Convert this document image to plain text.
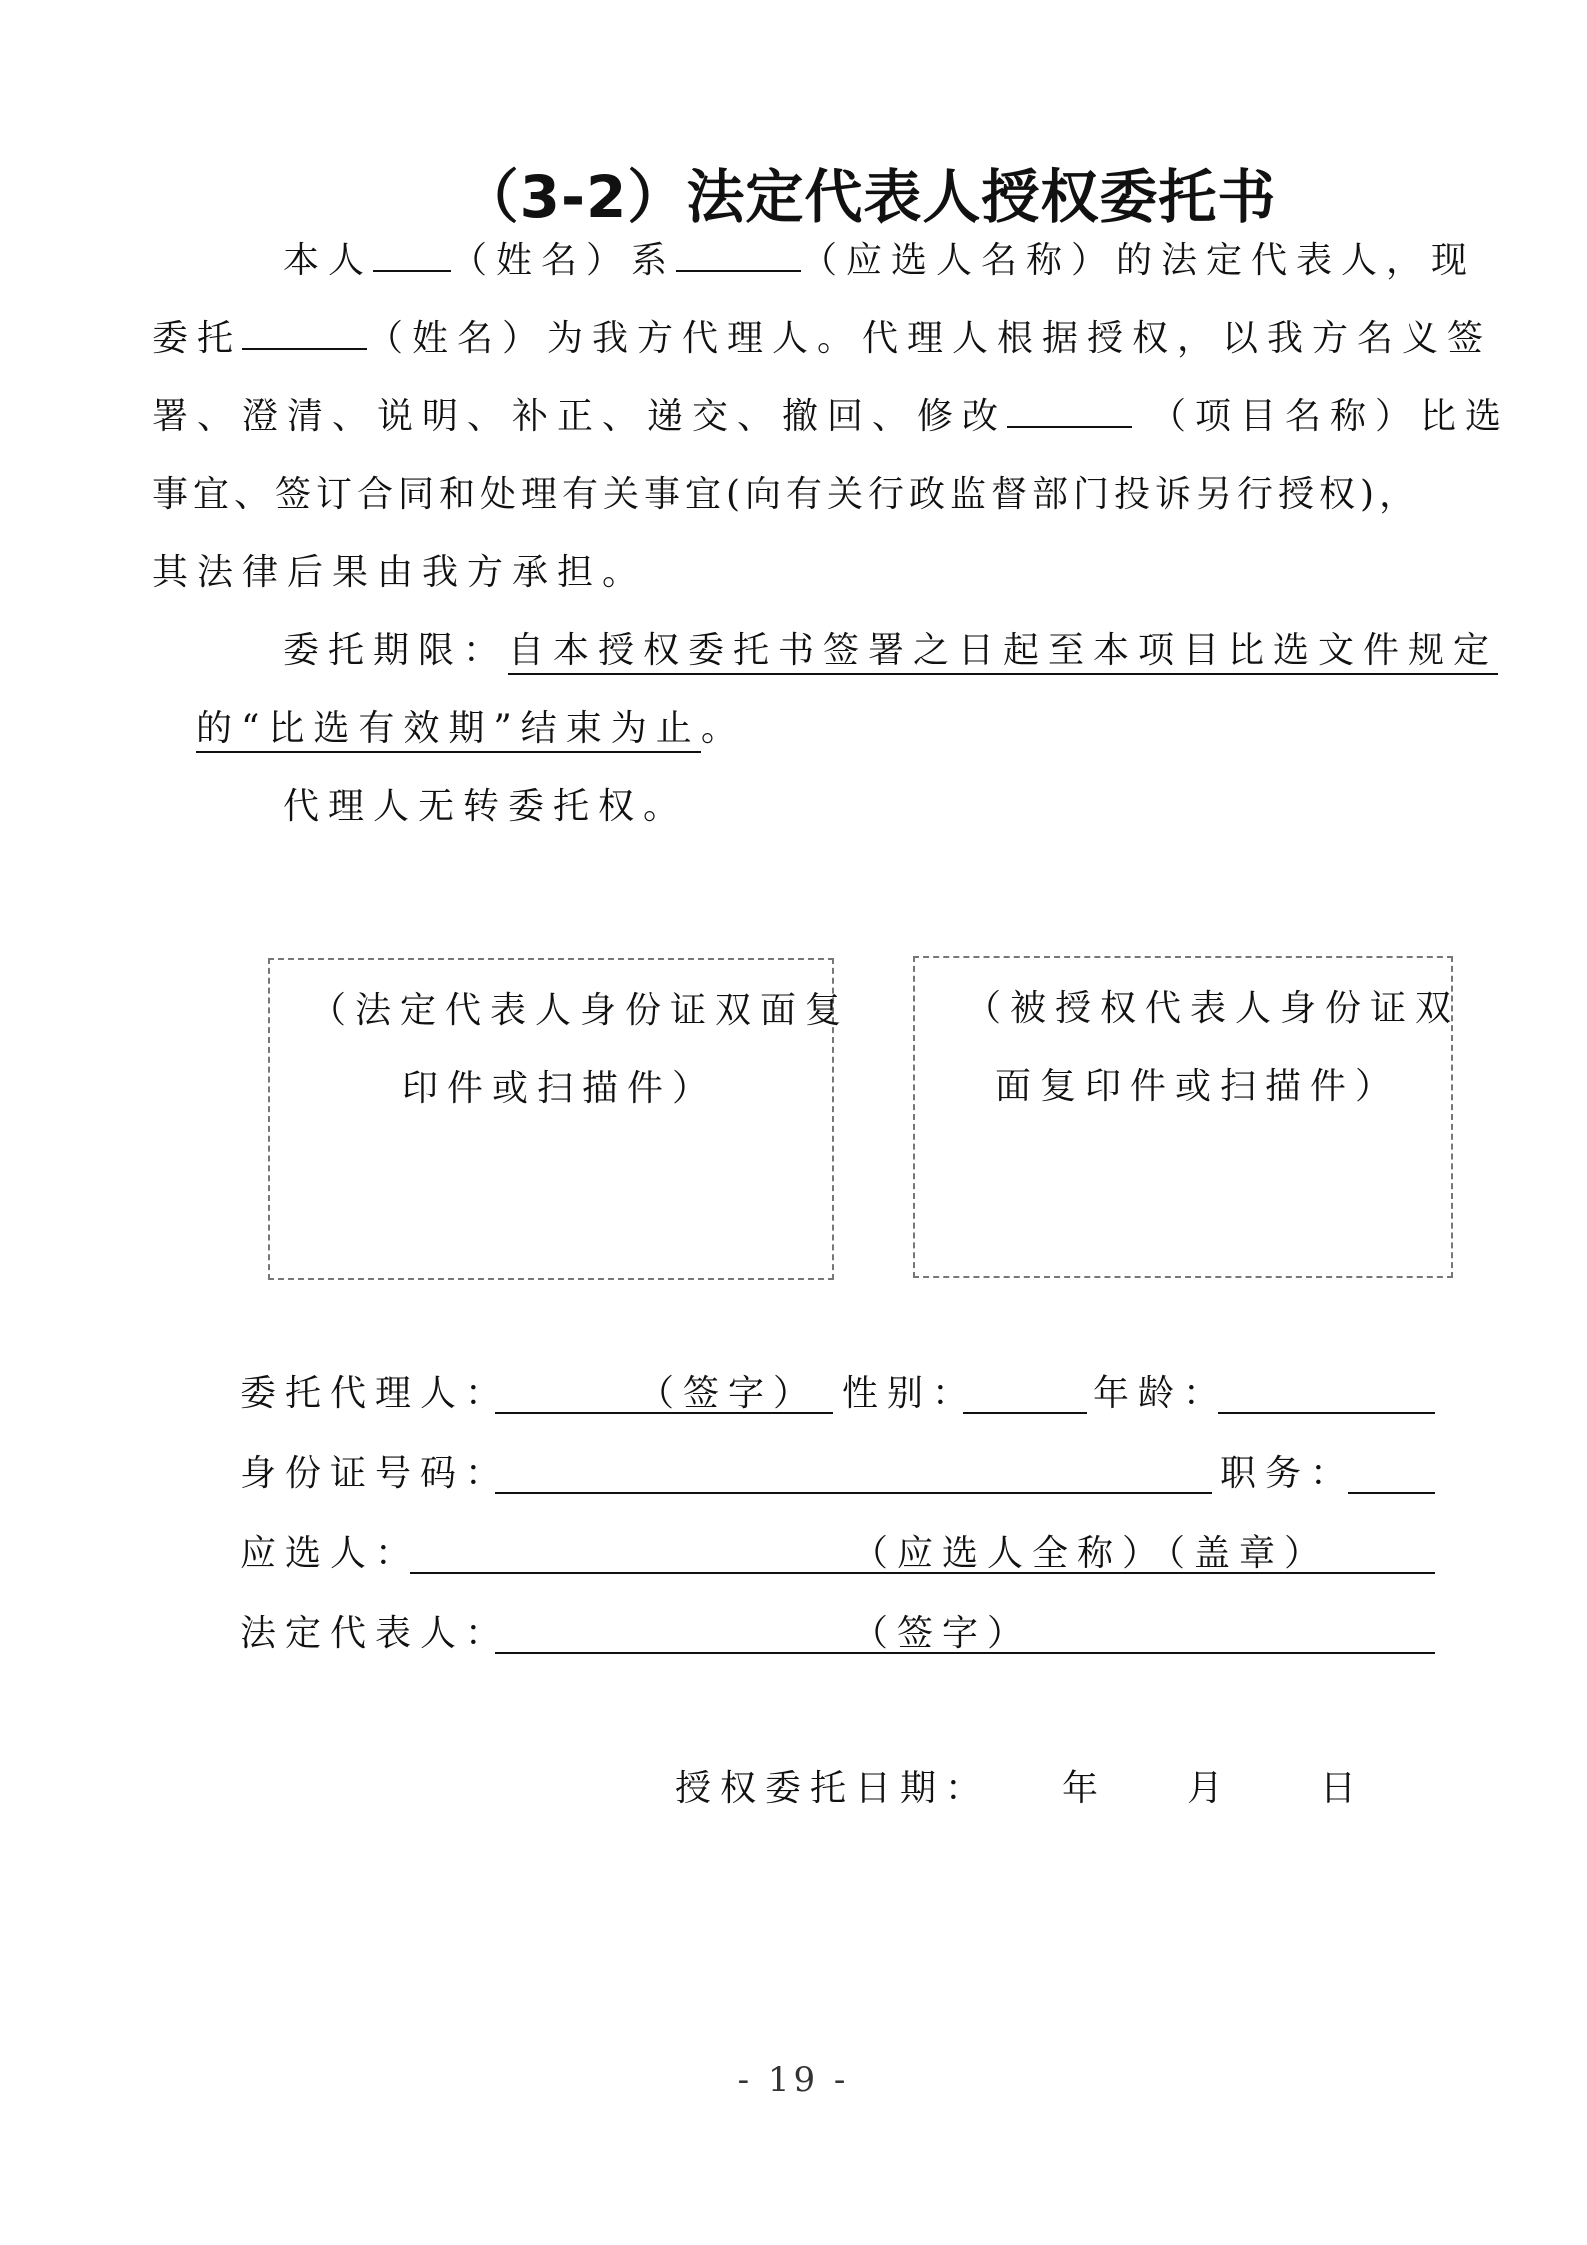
（3-2）法定代表人授权委托书
本人 （姓名）系	（应选人名称）的法定代表人，现
委托	（姓名）为我方代理人。代理人根据授权，以我方名义签
署、澄清、说明、补正、递交、撤回、修改	（项目名称）比选
事宜、签订合同和处理有关事宜(向有关行政监督部门投诉另行授权)，
其法律后果由我方承担。
委托期限：自本授权委托书签署之日起至本项目比选文件规定
的“比选有效期”结束为止。
代理人无转委托权。
（法定代表人身份证双面复
印件或扫描件）
（被授权代表人身份证双
面复印件或扫描件）
委托代理人：	（签字） 性别：	年龄：
身份证号码：	职务：
应选人：	（应选人全称）（盖章）
法定代表人：	（签字）
授权委托日期： 年 月 日
- 19 -
